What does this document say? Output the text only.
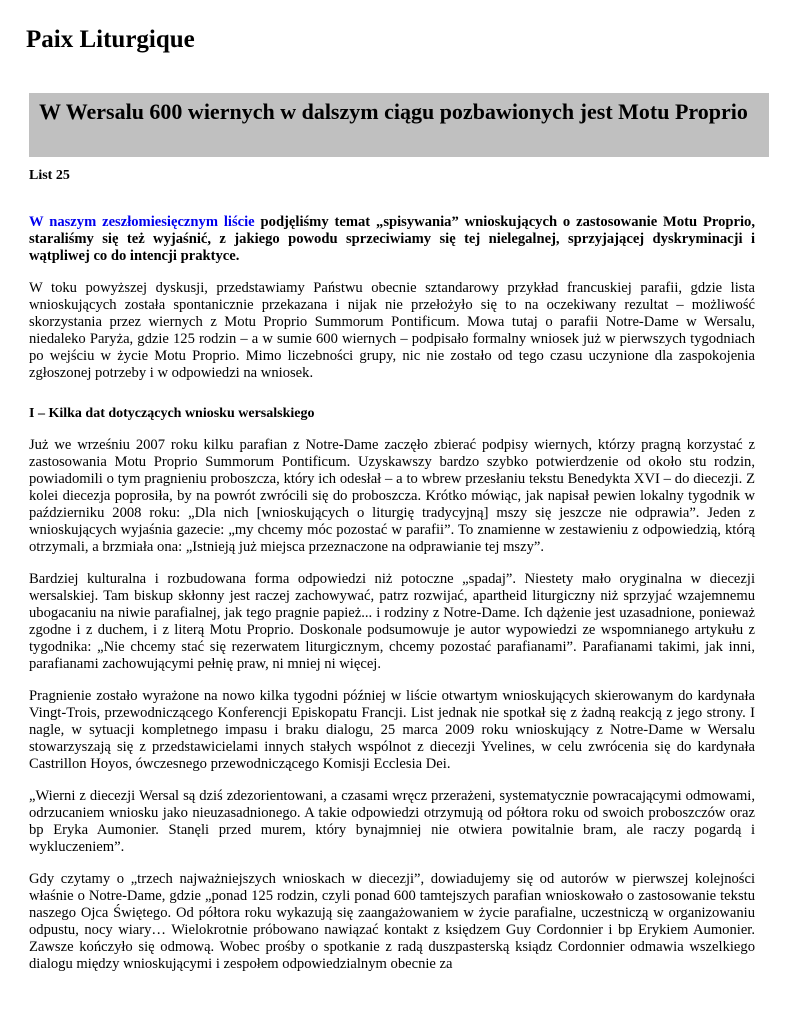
Paix Liturgique
W Wersalu 600 wiernych w dalszym ciągu pozbawionych jest Motu Proprio

List 25

W naszym zeszłomiesięcznym liście podjęliśmy temat „spisywania” wnioskujących o zastosowanie Motu Proprio, staraliśmy się też wyjaśnić, z jakiego powodu sprzeciwiamy się tej nielegalnej, sprzyjającej dyskryminacji i wątpliwej co do intencji praktyce.

W toku powyższej dyskusji, przedstawiamy Państwu obecnie sztandarowy przykład francuskiej parafii, gdzie lista wnioskujących została spontanicznie przekazana i nijak nie przełożyło się to na oczekiwany rezultat – możliwość skorzystania przez wiernych z Motu Proprio Summorum Pontificum. Mowa tutaj o parafii Notre-Dame w Wersalu, niedaleko Paryża, gdzie 125 rodzin – a w sumie 600 wiernych – podpisało formalny wniosek już w pierwszych tygodniach po wejściu w życie Motu Proprio. Mimo liczebności grupy, nic nie zostało od tego czasu uczynione dla zaspokojenia zgłoszonej potrzeby i w odpowiedzi na wniosek.

I – Kilka dat dotyczących wniosku wersalskiego

Już we wrześniu 2007 roku kilku parafian z Notre-Dame zaczęło zbierać podpisy wiernych, którzy pragną korzystać z zastosowania Motu Proprio Summorum Pontificum. Uzyskawszy bardzo szybko potwierdzenie od około stu rodzin, powiadomili o tym pragnieniu proboszcza, który ich odesłał – a to wbrew przesłaniu tekstu Benedykta XVI – do diecezji. Z kolei diecezja poprosiła, by na powrót zwrócili się do proboszcza. Krótko mówiąc, jak napisał pewien lokalny tygodnik w październiku 2008 roku: „Dla nich [wnioskujących o liturgię tradycyjną] mszy się jeszcze nie odprawia”. Jeden z wnioskujących wyjaśnia gazecie: „my chcemy móc pozostać w parafii”. To znamienne w zestawieniu z odpowiedzią, którą otrzymali, a brzmiała ona: „Istnieją już miejsca przeznaczone na odprawianie tej mszy”.

Bardziej kulturalna i rozbudowana forma odpowiedzi niż potoczne „spadaj”. Niestety mało oryginalna w diecezji wersalskiej. Tam biskup skłonny jest raczej zachowywać, patrz rozwijać, apartheid liturgiczny niż sprzyjać wzajemnemu ubogacaniu na niwie parafialnej, jak tego pragnie papież... i rodziny z Notre-Dame. Ich dążenie jest uzasadnione, ponieważ zgodne i z duchem, i z literą Motu Proprio. Doskonale podsumowuje je autor wypowiedzi ze wspomnianego artykułu z tygodnika: „Nie chcemy stać się rezerwatem liturgicznym, chcemy pozostać parafianami”. Parafianami takimi, jak inni, parafianami zachowującymi pełnię praw, ni mniej ni więcej.

Pragnienie zostało wyrażone na nowo kilka tygodni później w liście otwartym wnioskujących skierowanym do kardynała Vingt-Trois, przewodniczącego Konferencji Episkopatu Francji. List jednak nie spotkał się z żadną reakcją z jego strony. I nagle, w sytuacji kompletnego impasu i braku dialogu, 25 marca 2009 roku wnioskujący z Notre-Dame w Wersalu stowarzyszają się z przedstawicielami innych stałych wspólnot z diecezji Yvelines, w celu zwrócenia się do kardynała Castrillon Hoyos, ówczesnego przewodniczącego Komisji Ecclesia Dei.

„Wierni z diecezji Wersal są dziś zdezorientowani, a czasami wręcz przerażeni, systematycznie powracającymi odmowami, odrzucaniem wniosku jako nieuzasadnionego. A takie odpowiedzi otrzymują od półtora roku od swoich proboszczów oraz bp Eryka Aumonier. Stanęli przed murem, który bynajmniej nie otwiera powitalnie bram, ale raczy pogardą i wykluczeniem”.

Gdy czytamy o „trzech najważniejszych wnioskach w diecezji”, dowiadujemy się od autorów w pierwszej kolejności właśnie o Notre-Dame, gdzie „ponad 125 rodzin, czyli ponad 600 tamtejszych parafian wnioskowało o zastosowanie tekstu naszego Ojca Świętego. Od półtora roku wykazują się zaangażowaniem w życie parafialne, uczestniczą w organizowaniu odpustu, nocy wiary… Wielokrotnie próbowano nawiązać kontakt z księdzem Guy Cordonnier i bp Erykiem Aumonier. Zawsze kończyło się odmową. Wobec prośby o spotkanie z radą duszpasterską ksiądz Cordonnier odmawia wszelkiego dialogu między wnioskującymi i zespołem odpowiedzialnym obecnie za
